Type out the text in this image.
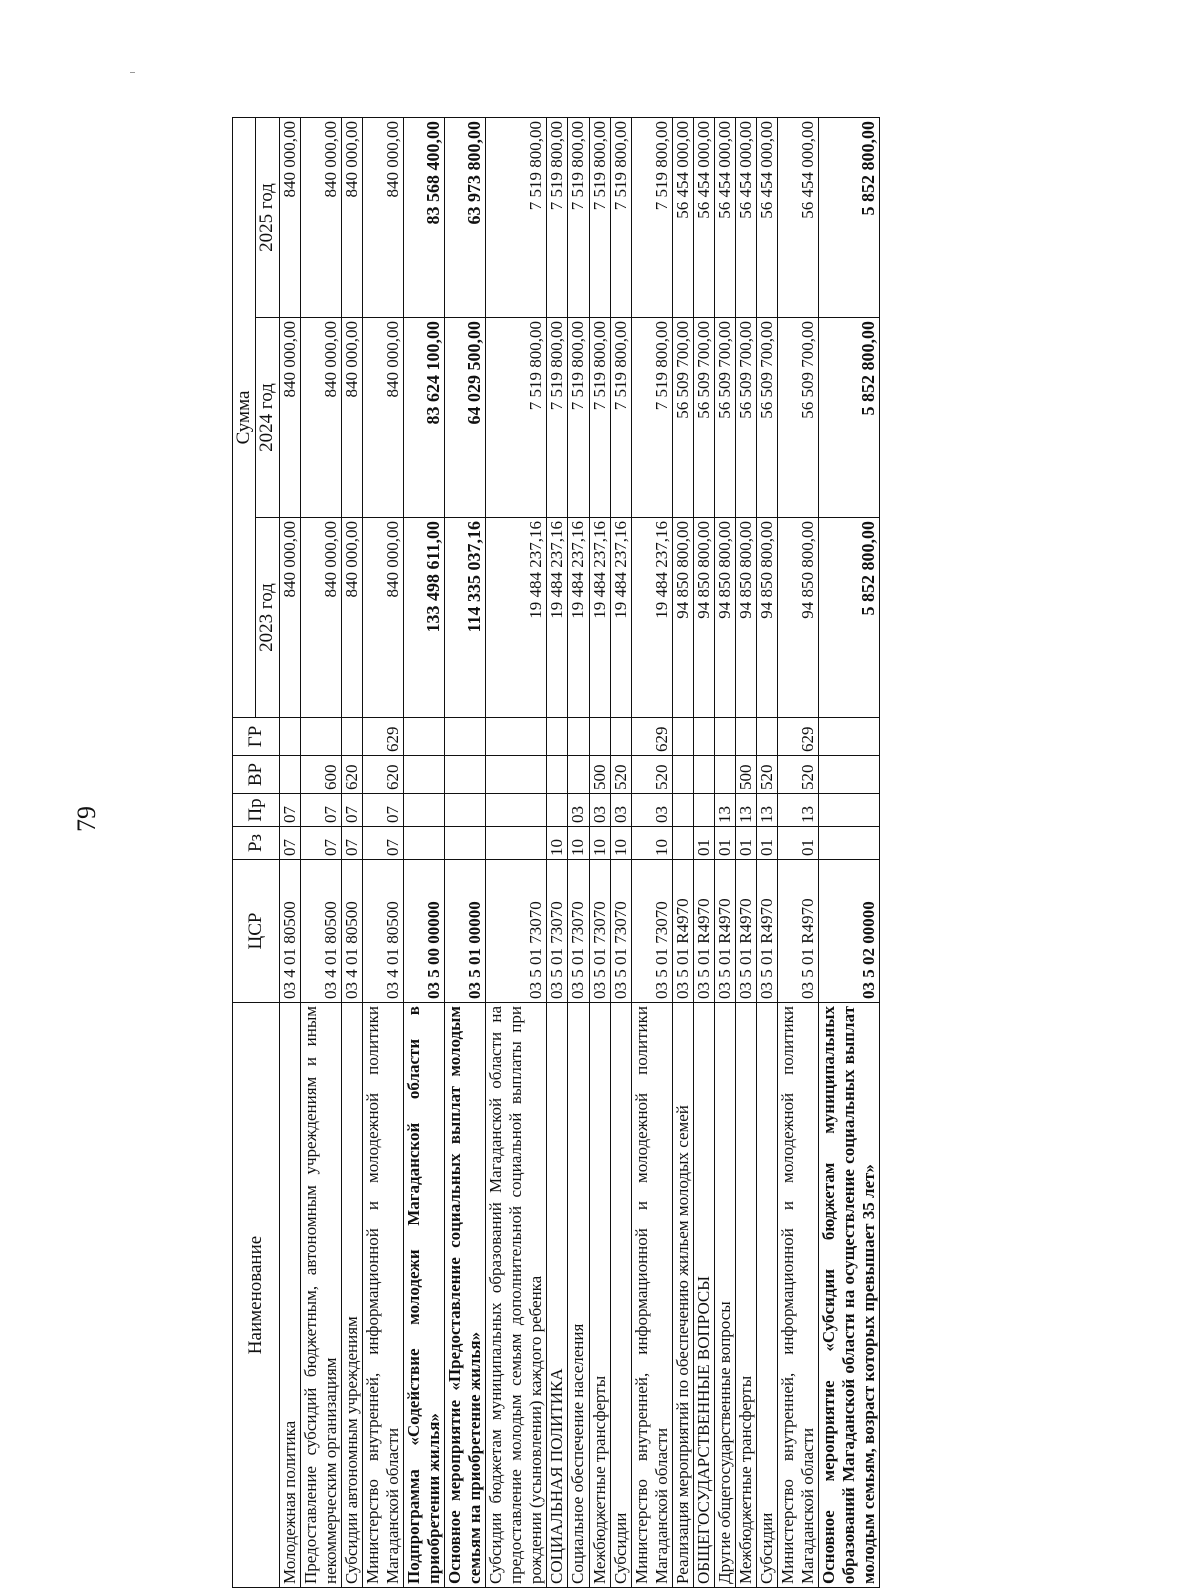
79
Наименование	ЦСР	Рз	Пр	ВР	ГР	Сумма		
						2023 год	2024 год	2025 год
Молодежная политика	03 4 01 80500	07	07			840 000,00	840 000,00	840 000,00
Предоставление субсидий бюджетным, автономным учреждениям и иным некоммерческим организациям	03 4 01 80500	07	07	600		840 000,00	840 000,00	840 000,00
Субсидии автономным учреждениям	03 4 01 80500	07	07	620		840 000,00	840 000,00	840 000,00
Министерство внутренней, информационной и молодежной политики Магаданской области	03 4 01 80500	07	07	620	629	840 000,00	840 000,00	840 000,00
Подпрограмма «Содействие молодежи Магаданской области в приобретении жилья»	03 5 00 00000					133 498 611,00	83 624 100,00	83 568 400,00
Основное мероприятие «Предоставление социальных выплат молодым семьям на приобретение жилья»	03 5 01 00000					114 335 037,16	64 029 500,00	63 973 800,00
Субсидии бюджетам муниципальных образований Магаданской области на предоставление молодым семьям дополнительной социальной выплаты при рождении (усыновлении) каждого ребенка	03 5 01 73070					19 484 237,16	7 519 800,00	7 519 800,00
СОЦИАЛЬНАЯ ПОЛИТИКА	03 5 01 73070	10				19 484 237,16	7 519 800,00	7 519 800,00
Социальное обеспечение населения	03 5 01 73070	10	03			19 484 237,16	7 519 800,00	7 519 800,00
Межбюджетные трансферты	03 5 01 73070	10	03	500		19 484 237,16	7 519 800,00	7 519 800,00
Субсидии	03 5 01 73070	10	03	520		19 484 237,16	7 519 800,00	7 519 800,00
Министерство внутренней, информационной и молодежной политики Магаданской области	03 5 01 73070	10	03	520	629	19 484 237,16	7 519 800,00	7 519 800,00
Реализация мероприятий по обеспечению жильем молодых семей	03 5 01 R4970					94 850 800,00	56 509 700,00	56 454 000,00
ОБЩЕГОСУДАРСТВЕННЫЕ ВОПРОСЫ	03 5 01 R4970	01				94 850 800,00	56 509 700,00	56 454 000,00
Другие общегосударственные вопросы	03 5 01 R4970	01	13			94 850 800,00	56 509 700,00	56 454 000,00
Межбюджетные трансферты	03 5 01 R4970	01	13	500		94 850 800,00	56 509 700,00	56 454 000,00
Субсидии	03 5 01 R4970	01	13	520		94 850 800,00	56 509 700,00	56 454 000,00
Министерство внутренней, информационной и молодежной политики Магаданской области	03 5 01 R4970	01	13	520	629	94 850 800,00	56 509 700,00	56 454 000,00
Основное мероприятие «Субсидии бюджетам муниципальных образований Магаданской области на осуществление социальных выплат молодым семьям, возраст которых превышает 35 лет»	03 5 02 00000					5 852 800,00	5 852 800,00	5 852 800,00
